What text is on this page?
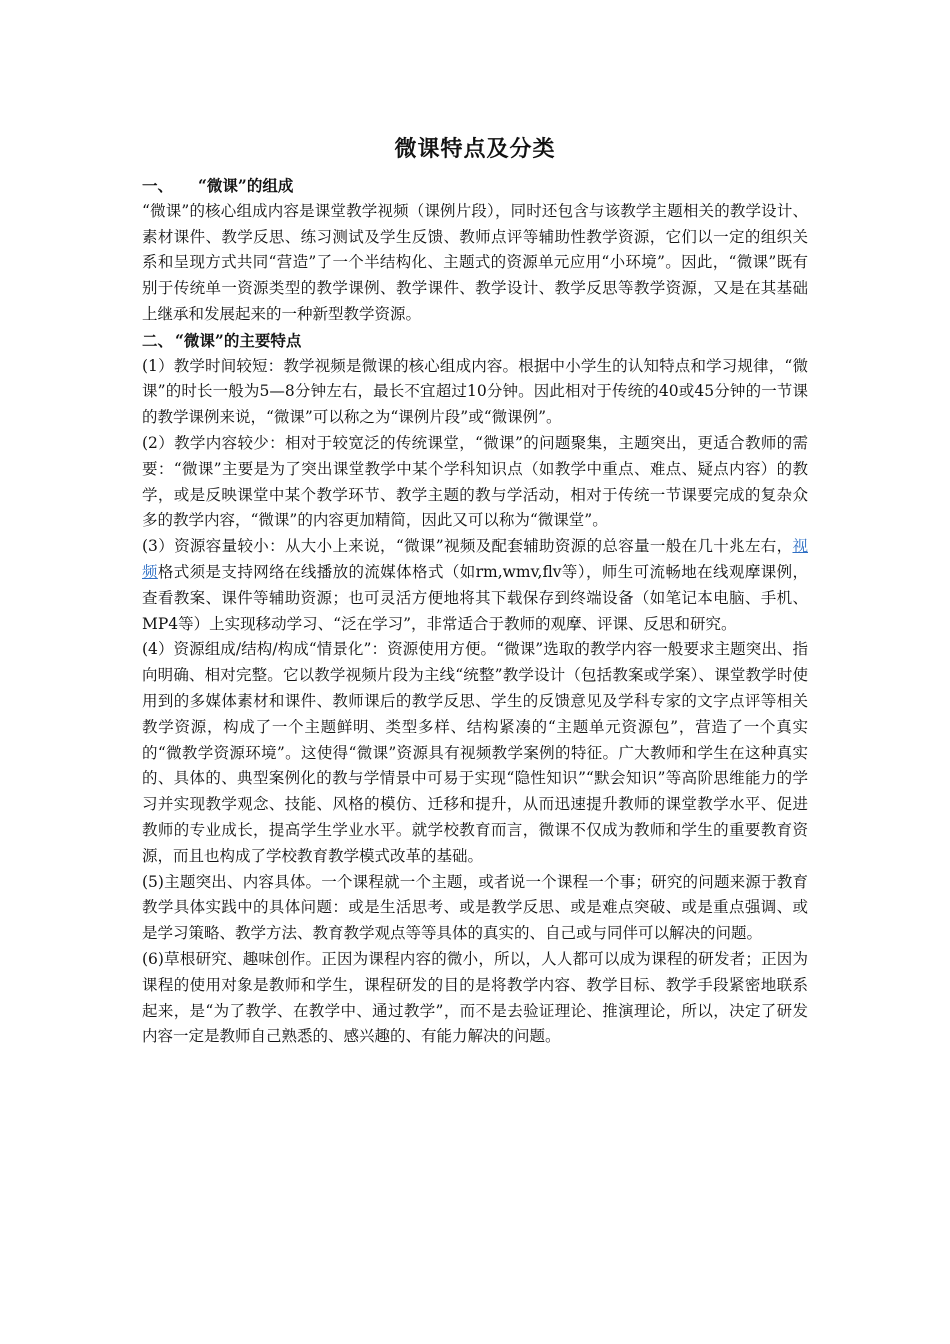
微课特点及分类

一、 “微课”的组成

“微课”的核心组成内容是课堂教学视频（课例片段），同时还包含与该教学主题相关的教学设计、素材课件、教学反思、练习测试及学生反馈、教师点评等辅助性教学资源，它们以一定的组织关系和呈现方式共同“营造”了一个半结构化、主题式的资源单元应用“小环境”。因此，“微课”既有别于传统单一资源类型的教学课例、教学课件、教学设计、教学反思等教学资源，又是在其基础上继承和发展起来的一种新型教学资源。

二、 “微课”的主要特点

(1）教学时间较短：教学视频是微课的核心组成内容。根据中小学生的认知特点和学习规律，“微课”的时长一般为5—8分钟左右，最长不宜超过10分钟。因此相对于传统的40或45分钟的一节课的教学课例来说，“微课”可以称之为“课例片段”或“微课例”。

(2）教学内容较少：相对于较宽泛的传统课堂，“微课”的问题聚集，主题突出，更适合教师的需要：“微课”主要是为了突出课堂教学中某个学科知识点（如教学中重点、难点、疑点内容）的教学，或是反映课堂中某个教学环节、教学主题的教与学活动，相对于传统一节课要完成的复杂众多的教学内容，“微课”的内容更加精简，因此又可以称为“微课堂”。

(3）资源容量较小：从大小上来说，“微课”视频及配套辅助资源的总容量一般在几十兆左右，视频格式须是支持网络在线播放的流媒体格式（如rm,wmv,flv等），师生可流畅地在线观摩课例，查看教案、课件等辅助资源；也可灵活方便地将其下载保存到终端设备（如笔记本电脑、手机、MP4等）上实现移动学习、“泛在学习”，非常适合于教师的观摩、评课、反思和研究。

(4）资源组成/结构/构成“情景化”：资源使用方便。“微课”选取的教学内容一般要求主题突出、指向明确、相对完整。它以教学视频片段为主线“统整”教学设计（包括教案或学案）、课堂教学时使用到的多媒体素材和课件、教师课后的教学反思、学生的反馈意见及学科专家的文字点评等相关教学资源，构成了一个主题鲜明、类型多样、结构紧凑的“主题单元资源包”，营造了一个真实的“微教学资源环境”。这使得“微课”资源具有视频教学案例的特征。广大教师和学生在这种真实的、具体的、典型案例化的教与学情景中可易于实现“隐性知识”“默会知识”等高阶思维能力的学习并实现教学观念、技能、风格的模仿、迁移和提升，从而迅速提升教师的课堂教学水平、促进教师的专业成长，提高学生学业水平。就学校教育而言，微课不仅成为教师和学生的重要教育资源，而且也构成了学校教育教学模式改革的基础。

(5)主题突出、内容具体。一个课程就一个主题，或者说一个课程一个事；研究的问题来源于教育教学具体实践中的具体问题：或是生活思考、或是教学反思、或是难点突破、或是重点强调、或是学习策略、教学方法、教育教学观点等等具体的真实的、自己或与同伴可以解决的问题。

(6)草根研究、趣味创作。正因为课程内容的微小，所以，人人都可以成为课程的研发者；正因为课程的使用对象是教师和学生，课程研发的目的是将教学内容、教学目标、教学手段紧密地联系起来，是“为了教学、在教学中、通过教学”，而不是去验证理论、推演理论，所以，决定了研发内容一定是教师自己熟悉的、感兴趣的、有能力解决的问题。
